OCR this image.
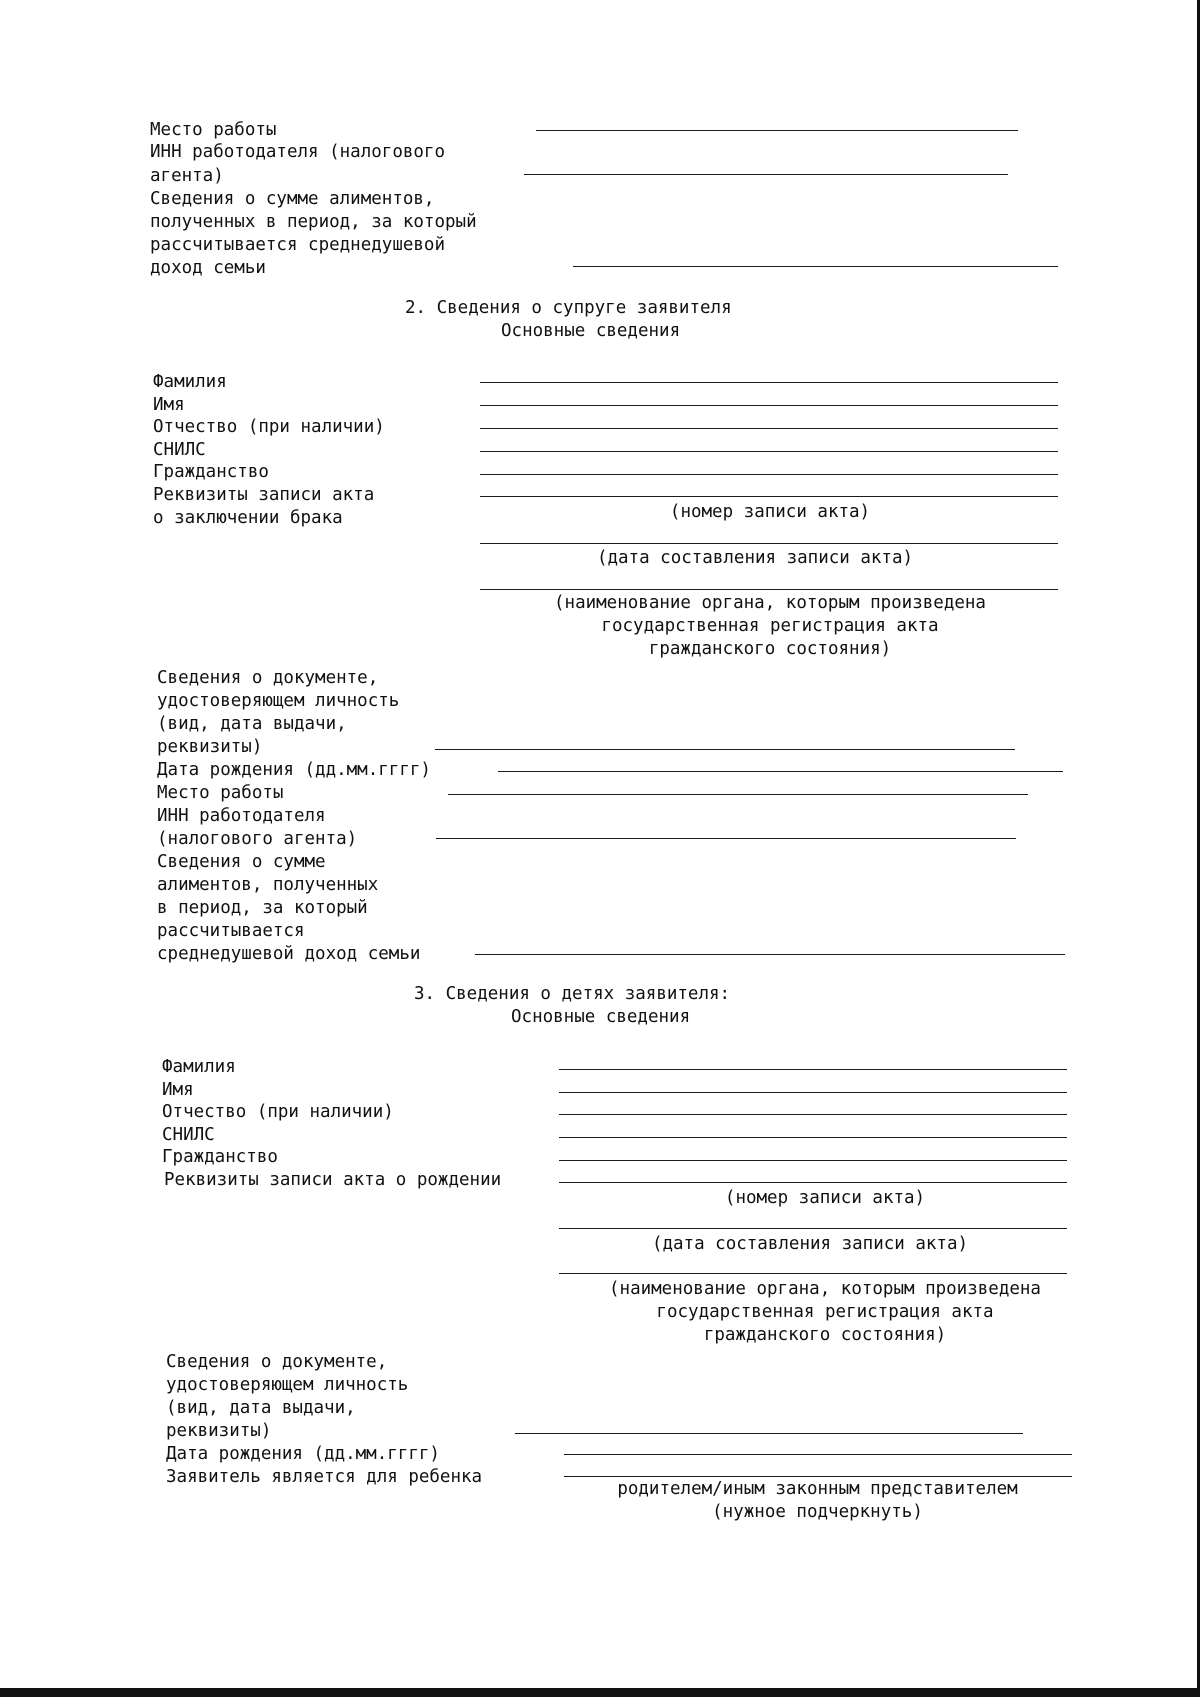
Место работы
ИНН работодателя (налогового
агента)
Сведения о сумме алиментов,
полученных в период, за который
рассчитывается среднедушевой
доход семьи
2. Сведения о супруге заявителя
Основные сведения
Фамилия
Имя
Отчество (при наличии)
СНИЛС
Гражданство
Реквизиты записи акта
о заключении брака	(номер записи акта)
(дата составления записи акта)
(наименование органа, которым произведена
государственная регистрация акта
гражданского состояния)
Сведения о документе,
удостоверяющем личность
(вид, дата выдачи,
реквизиты)
Дата рождения (дд.мм.гггг)
Место работы
ИНН работодателя
(налогового агента)
Сведения о сумме
алиментов, полученных
в период, за который
рассчитывается
среднедушевой доход семьи
3. Сведения о детях заявителя:
Основные сведения
Фамилия
Имя
Отчество (при наличии)
СНИЛС
Гражданство
Реквизиты записи акта о рождении
(номер записи акта)
(дата составления записи акта)
(наименование органа, которым произведена
государственная регистрация акта
гражданского состояния)
Сведения о документе,
удостоверяющем личность
(вид, дата выдачи,
реквизиты)
Дата рождения (дд.мм.гггг)
Заявитель является для ребенка
родителем/иным законным представителем
(нужное подчеркнуть)
